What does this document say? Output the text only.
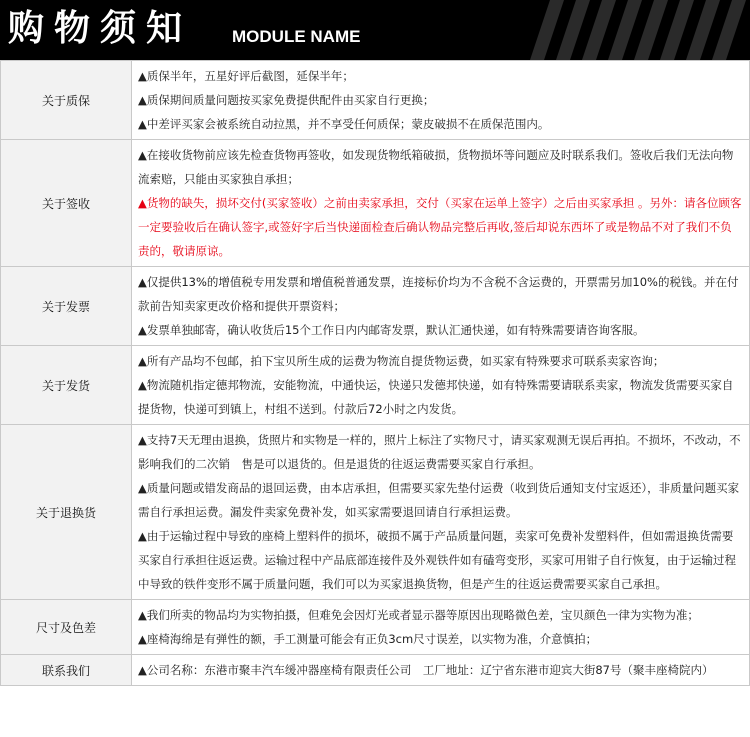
购物须知 MODULE NAME
关于质保	▲质保半年，五星好评后截图，延保半年；
▲质保期间质量问题按买家免费提供配件由买家自行更换；
▲中差评买家会被系统自动拉黑，并不享受任何质保；蒙皮破损不在质保范围内。

关于签收	▲在接收货物前应该先检查货物再签收，如发现货物纸箱破损，货物损坏等问题应及时联系我们。签收后我们无法向物流索赔，只能由买家独自承担；
▲货物的缺失，损坏交付(买家签收）之前由卖家承担，交付（买家在运单上签字）之后由买家承担 。另外：请各位顾客一定要验收后在确认签字,或签好字后当快递面检查后确认物品完整后再收,签后却说东西坏了或是物品不对了我们不负责的，敬请原谅。

关于发票	▲仅提供13%的增值税专用发票和增值税普通发票，连接标价均为不含税不含运费的，开票需另加10%的税钱。并在付款前告知卖家更改价格和提供开票资料；
▲发票单独邮寄，确认收货后15个工作日内内邮寄发票，默认汇通快递，如有特殊需要请咨询客服。

关于发货	▲所有产品均不包邮，拍下宝贝所生成的运费为物流自提货物运费，如买家有特殊要求可联系卖家咨询；
▲物流随机指定德邦物流，安能物流，中通快运，快递只发德邦快递，如有特殊需要请联系卖家，物流发货需要买家自提货物，快递可到镇上，村组不送到。付款后72小时之内发货。

关于退换货	▲支持7天无理由退换，货照片和实物是一样的，照片上标注了实物尺寸，请买家观测无误后再拍。不损坏，不改动，不影响我们的二次销　售是可以退货的。但是退货的往返运费需要买家自行承担。
▲质量问题或错发商品的退回运费，由本店承担，但需要买家先垫付运费（收到货后通知支付宝返还），非质量问题买家需自行承担运费。漏发件卖家免费补发，如买家需要退回请自行承担运费。
▲由于运输过程中导致的座椅上塑料件的损坏，破损不属于产品质量问题，卖家可免费补发塑料件，但如需退换货需要买家自行承担往返运费。运输过程中产品底部连接件及外观铁件如有磕弯变形，买家可用钳子自行恢复，由于运输过程中导致的铁件变形不属于质量问题，我们可以为买家退换货物，但是产生的往返运费需要买家自己承担。

尺寸及色差	▲我们所卖的物品均为实物拍摄，但难免会因灯光或者显示器等原因出现略微色差，宝贝颜色一律为实物为准；
▲座椅海绵是有弹性的额，手工测量可能会有正负3cm尺寸误差，以实物为准，介意慎拍；

联系我们	▲公司名称：东港市聚丰汽车缓冲器座椅有限责任公司　工厂地址：辽宁省东港市迎宾大街87号（聚丰座椅院内）
